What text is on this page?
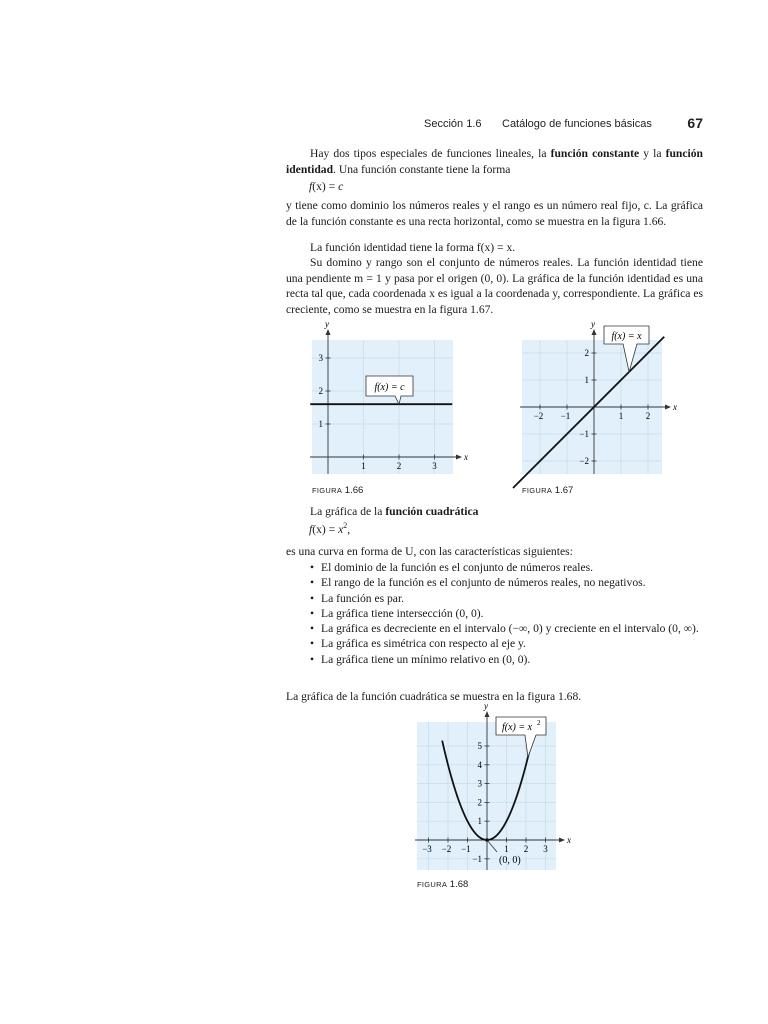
Sección 1.6 Catálogo de funciones básicas	67
Hay dos tipos especiales de funciones lineales, la función constante y la función identidad. Una función constante tiene la forma
f(x) = c
y tiene como dominio los números reales y el rango es un número real fijo, c. La gráfica de la función constante es una recta horizontal, como se muestra en la figura 1.66.
La función identidad tiene la forma f(x) = x.
Su domino y rango son el conjunto de números reales. La función identidad tiene una pendiente m = 1 y pasa por el origen (0, 0). La gráfica de la función identidad es una recta tal que, cada coordenada x es igual a la coordenada y, correspondiente. La gráfica es creciente, como se muestra en la figura 1.67.
x
y
1	2	3
1
2
3
f(x) = c
FIGURA 1.66
x
y
−2 −1	1	2
−2
−1
1
2
f(x) = x
FIGURA 1.67
La gráfica de la función cuadrática
$f(x) = x^2$,
es una curva en forma de U, con las características siguientes:
• El dominio de la función es el conjunto de números reales.
• El rango de la función es el conjunto de números reales, no negativos.
• La función es par.
• La gráfica tiene intersección (0, 0).
• La gráfica es decreciente en el intervalo (−∞, 0) y creciente en el intervalo (0, ∞).
• La gráfica es simétrica con respecto al eje y.
• La gráfica tiene un mínimo relativo en (0, 0).
La gráfica de la función cuadrática se muestra en la figura 1.68.
x
y
−3 −2 −1	1 2 3
−1
1
2
3
4
5
f(x) = x 2
(0, 0)
FIGURA 1.68
